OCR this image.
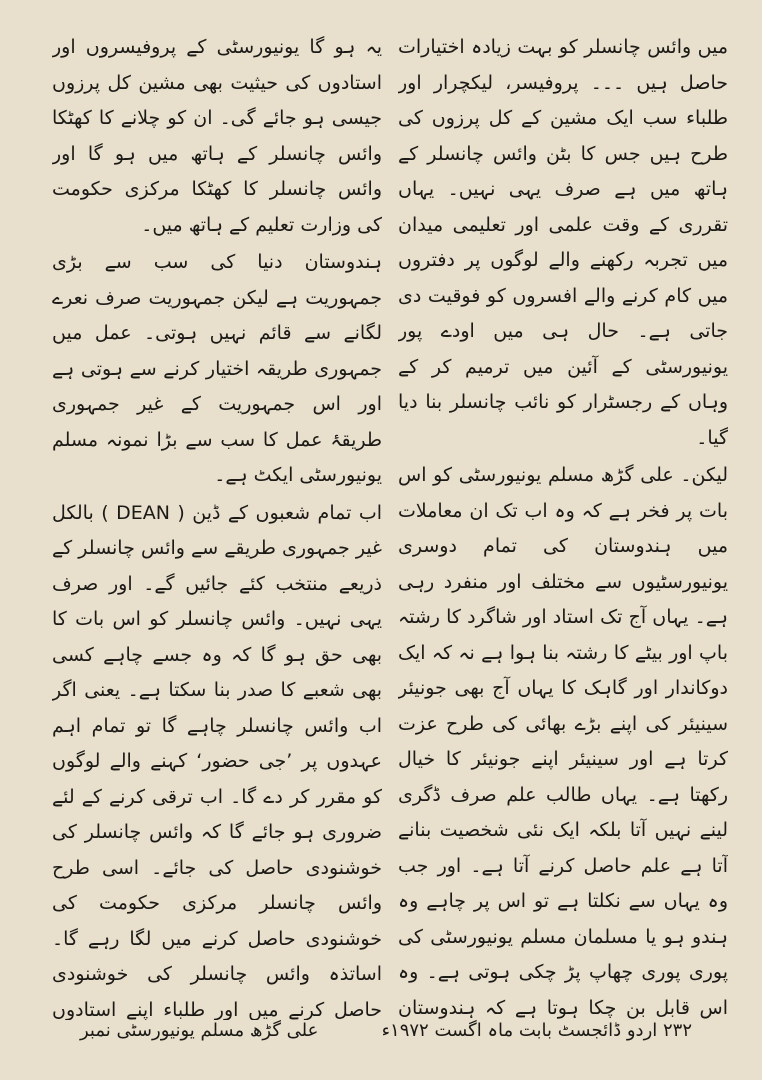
میں وائس چانسلر کو بہت زیادہ اختیارات حاصل ہیں ۔۔۔ پروفیسر، لیکچرار اور طلباء سب ایک مشین کے کل پرزوں کی طرح ہیں جس کا بٹن وائس چانسلر کے ہاتھ میں ہے صرف یہی نہیں۔ یہاں تقرری کے وقت علمی اور تعلیمی میدان میں تجربہ رکھنے والے لوگوں پر دفتروں میں کام کرنے والے افسروں کو فوقیت دی جاتی ہے۔ حال ہی میں اودے پور یونیورسٹی کے آئین میں ترمیم کر کے وہاں کے رجسٹرار کو نائب چانسلر بنا دیا گیا۔

لیکن۔ علی گڑھ مسلم یونیورسٹی کو اس بات پر فخر ہے کہ وہ اب تک ان معاملات میں ہندوستان کی تمام دوسری یونیورسٹیوں سے مختلف اور منفرد رہی ہے۔ یہاں آج تک استاد اور شاگرد کا رشتہ باپ اور بیٹے کا رشتہ بنا ہوا ہے نہ کہ ایک دوکاندار اور گاہک کا یہاں آج بھی جونیئر سینیئر کی اپنے بڑے بھائی کی طرح عزت کرتا ہے اور سینیئر اپنے جونیئر کا خیال رکھتا ہے۔ یہاں طالب علم صرف ڈگری لینے نہیں آتا بلکہ ایک نئی شخصیت بنانے آتا ہے علم حاصل کرنے آتا ہے۔ اور جب وہ یہاں سے نکلتا ہے تو اس پر چاہے وہ ہندو ہو یا مسلمان مسلم یونیورسٹی کی پوری پوری چھاپ پڑ چکی ہوتی ہے۔ وہ اس قابل بن چکا ہوتا ہے کہ ہندوستان

یہ ہو گا یونیورسٹی کے پروفیسروں اور استادوں کی حیثیت بھی مشین کل پرزوں جیسی ہو جائے گی۔ ان کو چلانے کا کھٹکا وائس چانسلر کے ہاتھ میں ہو گا اور وائس چانسلر کا کھٹکا مرکزی حکومت کی وزارت تعلیم کے ہاتھ میں۔

ہندوستان دنیا کی سب سے بڑی جمہوریت ہے لیکن جمہوریت صرف نعرے لگانے سے قائم نہیں ہوتی۔ عمل میں جمہوری طریقہ اختیار کرنے سے ہوتی ہے اور اس جمہوریت کے غیر جمہوری طریقۂ عمل کا سب سے بڑا نمونہ مسلم یونیورسٹی ایکٹ ہے۔

اب تمام شعبوں کے ڈین ( DEAN ) بالکل غیر جمہوری طریقے سے وائس چانسلر کے ذریعے منتخب کئے جائیں گے۔ اور صرف یہی نہیں۔ وائس چانسلر کو اس بات کا بھی حق ہو گا کہ وہ جسے چاہے کسی بھی شعبے کا صدر بنا سکتا ہے۔ یعنی اگر اب وائس چانسلر چاہے گا تو تمام اہم عہدوں پر ’جی حضور‘ کہنے والے لوگوں کو مقرر کر دے گا۔ اب ترقی کرنے کے لئے ضروری ہو جائے گا کہ وائس چانسلر کی خوشنودی حاصل کی جائے۔ اسی طرح وائس چانسلر مرکزی حکومت کی خوشنودی حاصل کرنے میں لگا رہے گا۔ اساتذہ وائس چانسلر کی خوشنودی حاصل کرنے میں اور طلباء اپنے استادوں

۲۳۲ اردو ڈائجسٹ بابت ماہ اگست ۱۹۷۲ء
علی گڑھ مسلم یونیورسٹی نمبر
